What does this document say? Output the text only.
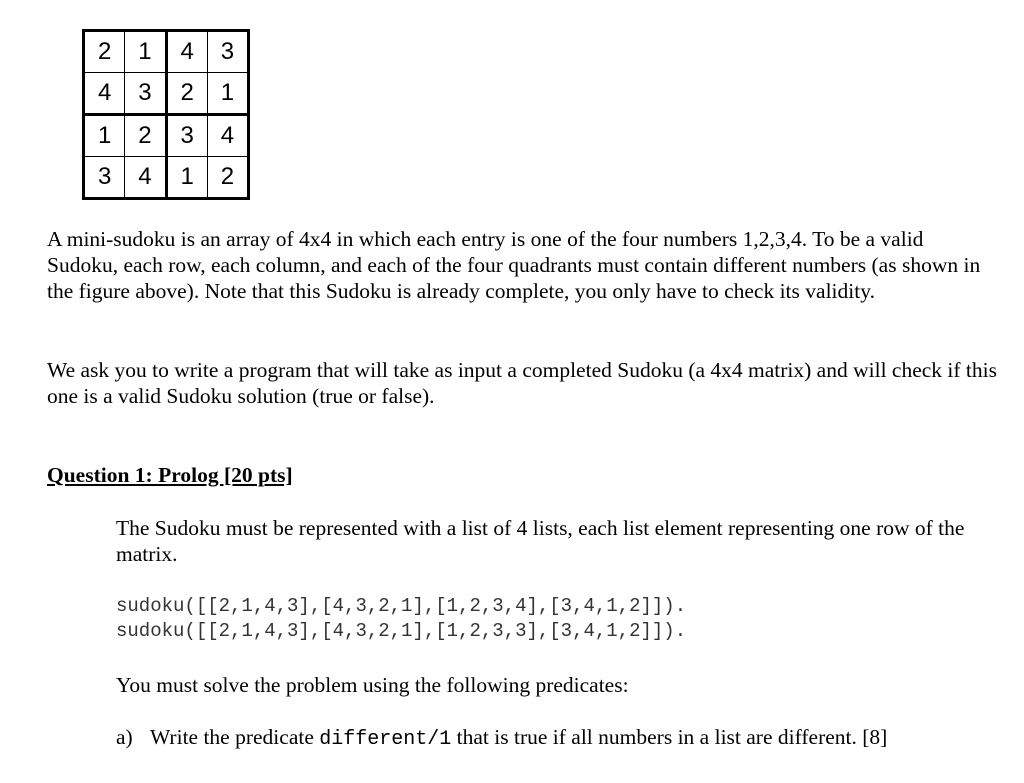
2	1	4	3
4	3	2	1
1	2	3	4
3	4	1	2

A mini-sudoku is an array of 4x4 in which each entry is one of the four numbers 1,2,3,4. To be a valid Sudoku, each row, each column, and each of the four quadrants must contain different numbers (as shown in the figure above). Note that this Sudoku is already complete, you only have to check its validity.

We ask you to write a program that will take as input a completed Sudoku (a 4x4 matrix) and will check if this one is a valid Sudoku solution (true or false).

Question 1: Prolog [20 pts]

The Sudoku must be represented with a list of 4 lists, each list element representing one row of the matrix.

sudoku([[2,1,4,3],[4,3,2,1],[1,2,3,4],[3,4,1,2]]).
sudoku([[2,1,4,3],[4,3,2,1],[1,2,3,3],[3,4,1,2]]).

You must solve the problem using the following predicates:

a) Write the predicate different/1 that is true if all numbers in a list are different. [8]
